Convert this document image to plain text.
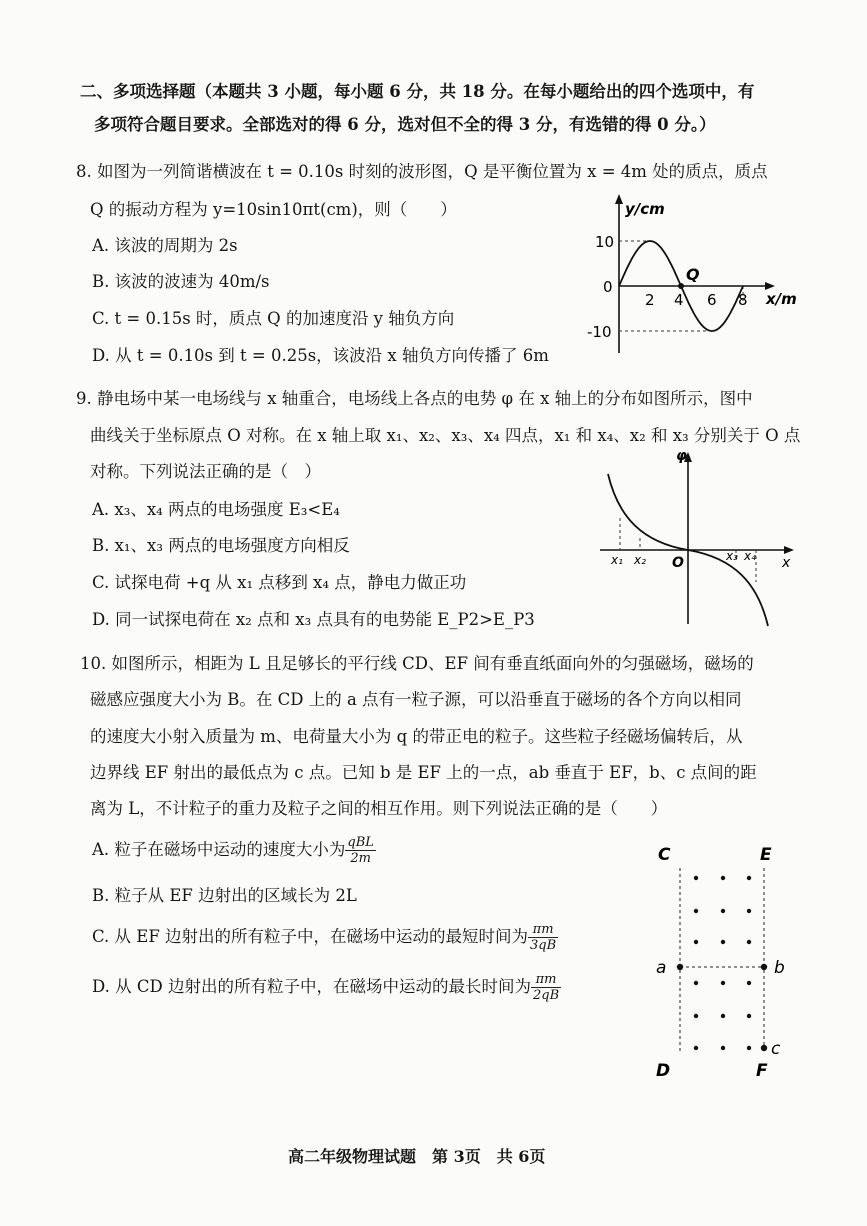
二、多项选择题（本题共 3 小题，每小题 6 分，共 18 分。在每小题给出的四个选项中，有
多项符合题目要求。全部选对的得 6 分，选对但不全的得 3 分，有选错的得 0 分。）
8. 如图为一列简谐横波在 t = 0.10s 时刻的波形图，Q 是平衡位置为 x = 4m 处的质点，质点
Q 的振动方程为 y=10sin10πt(cm)，则（　　）
A. 该波的周期为 2s
B. 该波的波速为 40m/s
C. t = 0.15s 时，质点 Q 的加速度沿 y 轴负方向
D. 从 t = 0.10s 到 t = 0.25s，该波沿 x 轴负方向传播了 6m
y/cm
x/m
0
10
-10
2 4 6 8
Q
9. 静电场中某一电场线与 x 轴重合，电场线上各点的电势 φ 在 x 轴上的分布如图所示，图中
曲线关于坐标原点 O 对称。在 x 轴上取 x₁、x₂、x₃、x₄ 四点，x₁ 和 x₄、x₂ 和 x₃ 分别关于 O 点
对称。下列说法正确的是（　）
A. x₃、x₄ 两点的电场强度 E₃<E₄
B. x₁、x₃ 两点的电场强度方向相反
C. 试探电荷 +q 从 x₁ 点移到 x₄ 点，静电力做正功
D. 同一试探电荷在 x₂ 点和 x₃ 点具有的电势能 E_P2>E_P3
φ
x
O
x₁ x₂	x₃ x₄
10. 如图所示，相距为 L 且足够长的平行线 CD、EF 间有垂直纸面向外的匀强磁场，磁场的
磁感应强度大小为 B。在 CD 上的 a 点有一粒子源，可以沿垂直于磁场的各个方向以相同
的速度大小射入质量为 m、电荷量大小为 q 的带正电的粒子。这些粒子经磁场偏转后，从
边界线 EF 射出的最低点为 c 点。已知 b 是 EF 上的一点，ab 垂直于 EF，b、c 点间的距
离为 L，不计粒子的重力及粒子之间的相互作用。则下列说法正确的是（　　）
A. 粒子在磁场中运动的速度大小为 $\frac{\text{qBL}}{2m}$
B. 粒子从 EF 边射出的区域长为 2L
C. 从 EF 边射出的所有粒子中，在磁场中运动的最短时间为 $\frac{\pi m}{3qB}$
D. 从 CD 边射出的所有粒子中，在磁场中运动的最长时间为 $\frac{\pi m}{2qB}$
C	E
a	b
c
D	F
高二年级物理试题　第 3页　共 6页
